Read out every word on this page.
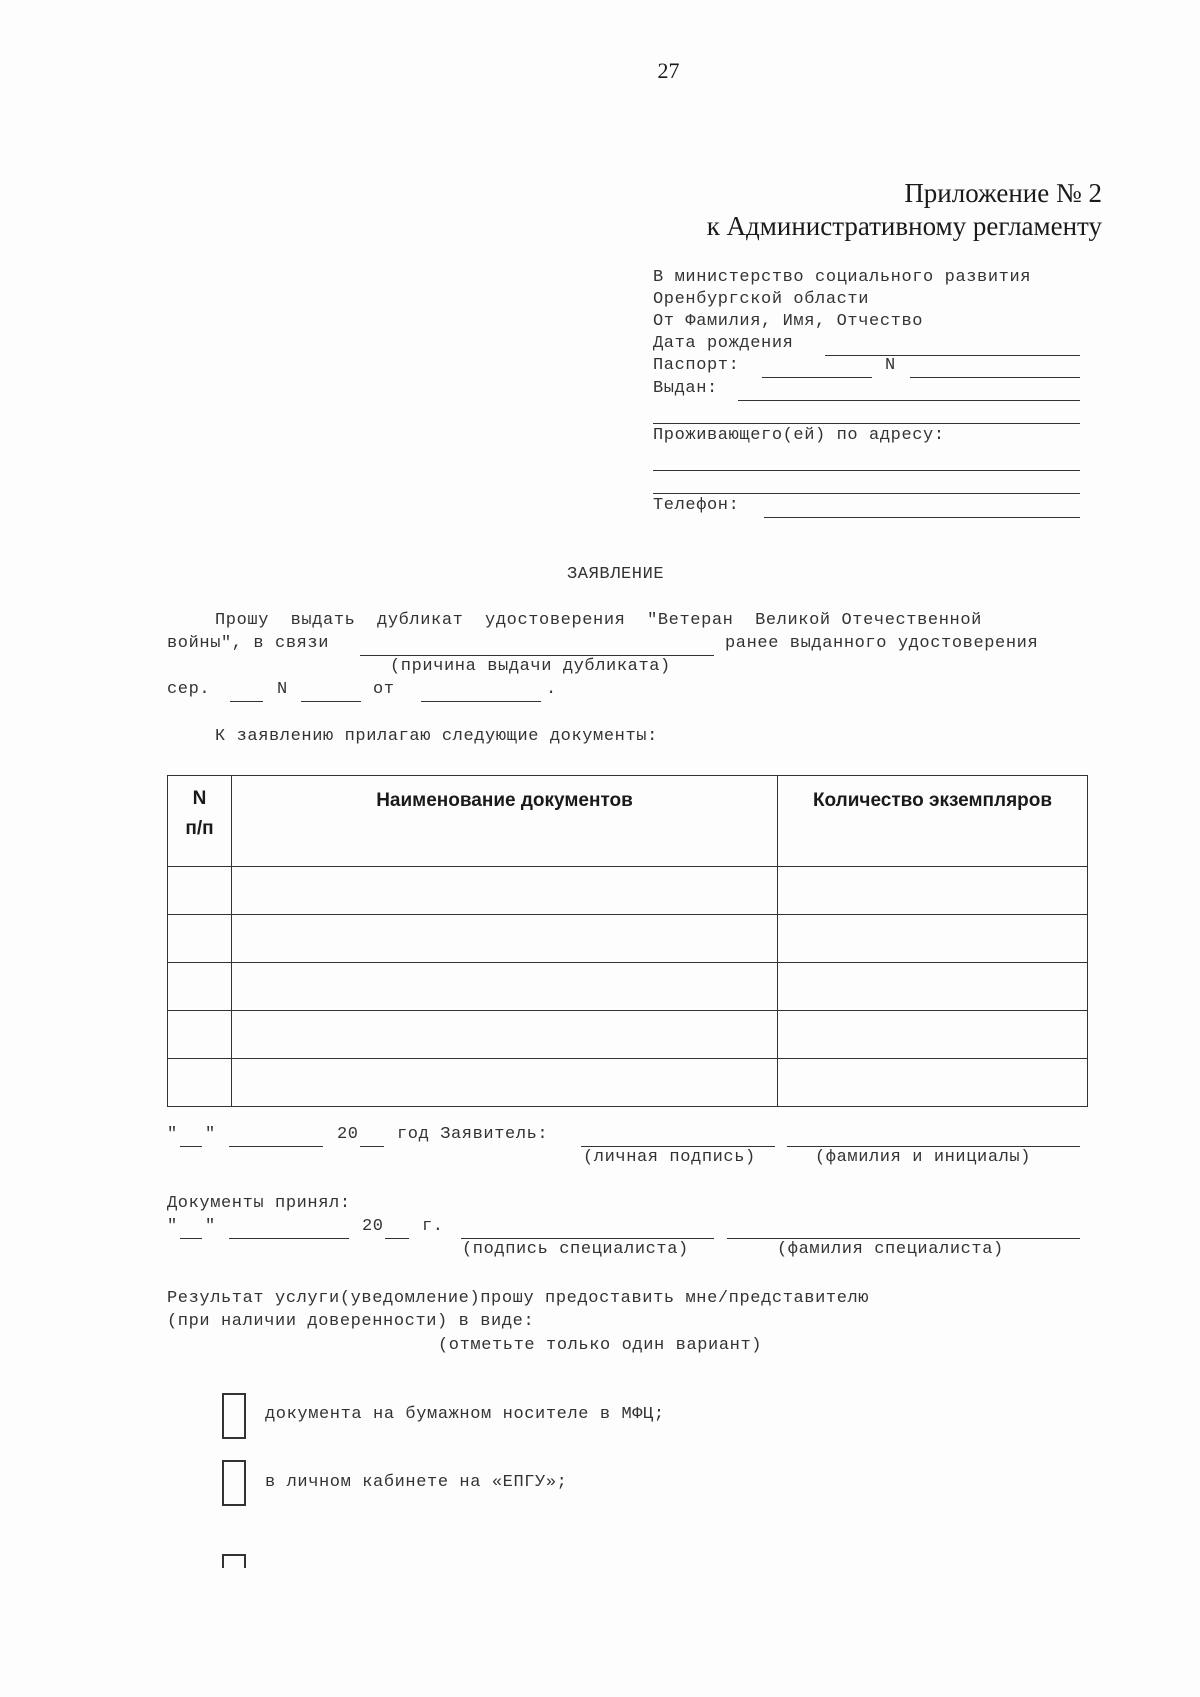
27
Приложение № 2
к Административному регламенту
В министерство социального развития
Оренбургской области
От Фамилия, Имя, Отчество
Дата рождения
Паспорт:	N
Выдан:
Проживающего(ей) по адресу:
Телефон:
ЗАЯВЛЕНИЕ
Прошу  выдать  дубликат  удостоверения  "Ветеран  Великой Отечественной
войны", в связи	ранее выданного удостоверения
(причина выдачи дубликата)
сер.	N	от	.
К заявлению прилагаю следующие документы:
N
п/п	Наименование документов	Количество экземпляров

" "	20 год Заявитель:
(личная подпись)	(фамилия и инициалы)
Документы принял:
" "	20 г.
(подпись специалиста)	(фамилия специалиста)
Результат услуги(уведомление)прошу предоставить мне/представителю
(при наличии доверенности) в виде:
(отметьте только один вариант)
документа на бумажном носителе в МФЦ;
в личном кабинете на «ЕПГУ»;
